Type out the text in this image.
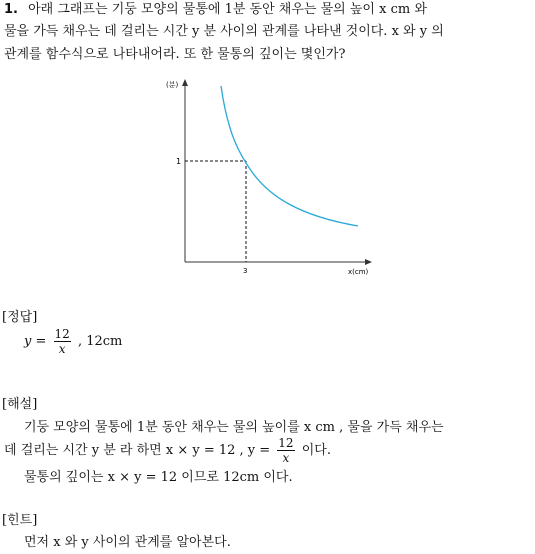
1. 아래 그래프는 기둥 모양의 물통에 1분 동안 채우는 물의 높이 x cm 와
물을 가득 채우는 데 걸리는 시간 y 분 사이의 관계를 나타낸 것이다. x 와 y 의
관계를 함수식으로 나타내어라. 또 한 물통의 깊이는 몇인가?
(분)
1
3	x(cm)
[정답]
$y = \frac{12}{x}$ , 12cm
[해설]
기둥 모양의 물통에 1분 동안 채우는 물의 높이를 x cm , 물을 가득 채우는
데 걸리는 시간 y 분 라 하면 x × y = 12 , $y = \frac{12}{x}$ 이다.
물통의 깊이는 x × y = 12 이므로 12cm 이다.
[힌트]
먼저 x 와 y 사이의 관계를 알아본다.
